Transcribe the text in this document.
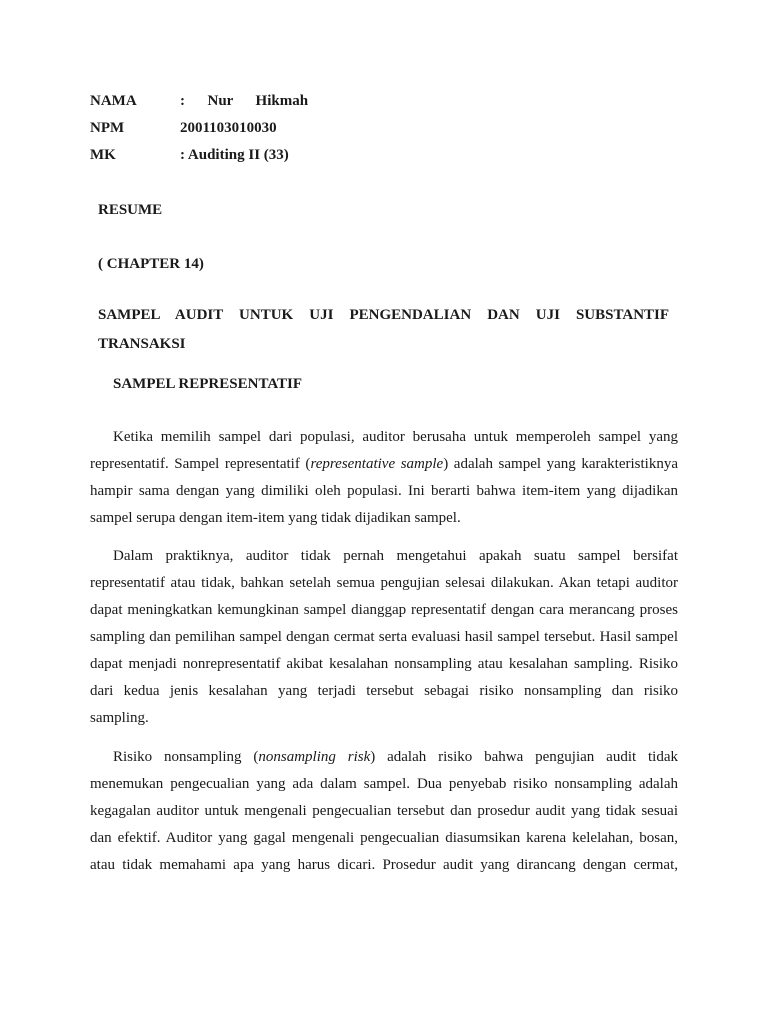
NAMA	:      Nur      Hikmah
NPM	2001103010030
MK	: Auditing II (33)
RESUME
( CHAPTER 14)
SAMPEL AUDIT UNTUK UJI PENGENDALIAN DAN UJI SUBSTANTIF
TRANSAKSI
SAMPEL REPRESENTATIF
Ketika memilih sampel dari populasi, auditor berusaha untuk memperoleh sampel yang
representatif. Sampel representatif (representative sample) adalah sampel yang karakteristiknya
hampir sama dengan yang dimiliki oleh populasi. Ini berarti bahwa item-item yang dijadikan
sampel serupa dengan item-item yang tidak dijadikan sampel.
Dalam praktiknya, auditor tidak pernah mengetahui apakah suatu sampel bersifat
representatif atau tidak, bahkan setelah semua pengujian selesai dilakukan. Akan tetapi auditor
dapat meningkatkan kemungkinan sampel dianggap representatif dengan cara merancang proses
sampling dan pemilihan sampel dengan cermat serta evaluasi hasil sampel tersebut. Hasil sampel
dapat menjadi nonrepresentatif akibat kesalahan nonsampling atau kesalahan sampling. Risiko
dari kedua jenis kesalahan yang terjadi tersebut sebagai risiko nonsampling dan risiko
sampling.
Risiko nonsampling (nonsampling risk) adalah risiko bahwa pengujian audit tidak
menemukan pengecualian yang ada dalam sampel. Dua penyebab risiko nonsampling adalah
kegagalan auditor untuk mengenali pengecualian tersebut dan prosedur audit yang tidak sesuai
dan efektif. Auditor yang gagal mengenali pengecualian diasumsikan karena kelelahan, bosan,
atau tidak memahami apa yang harus dicari. Prosedur audit yang dirancang dengan cermat,
